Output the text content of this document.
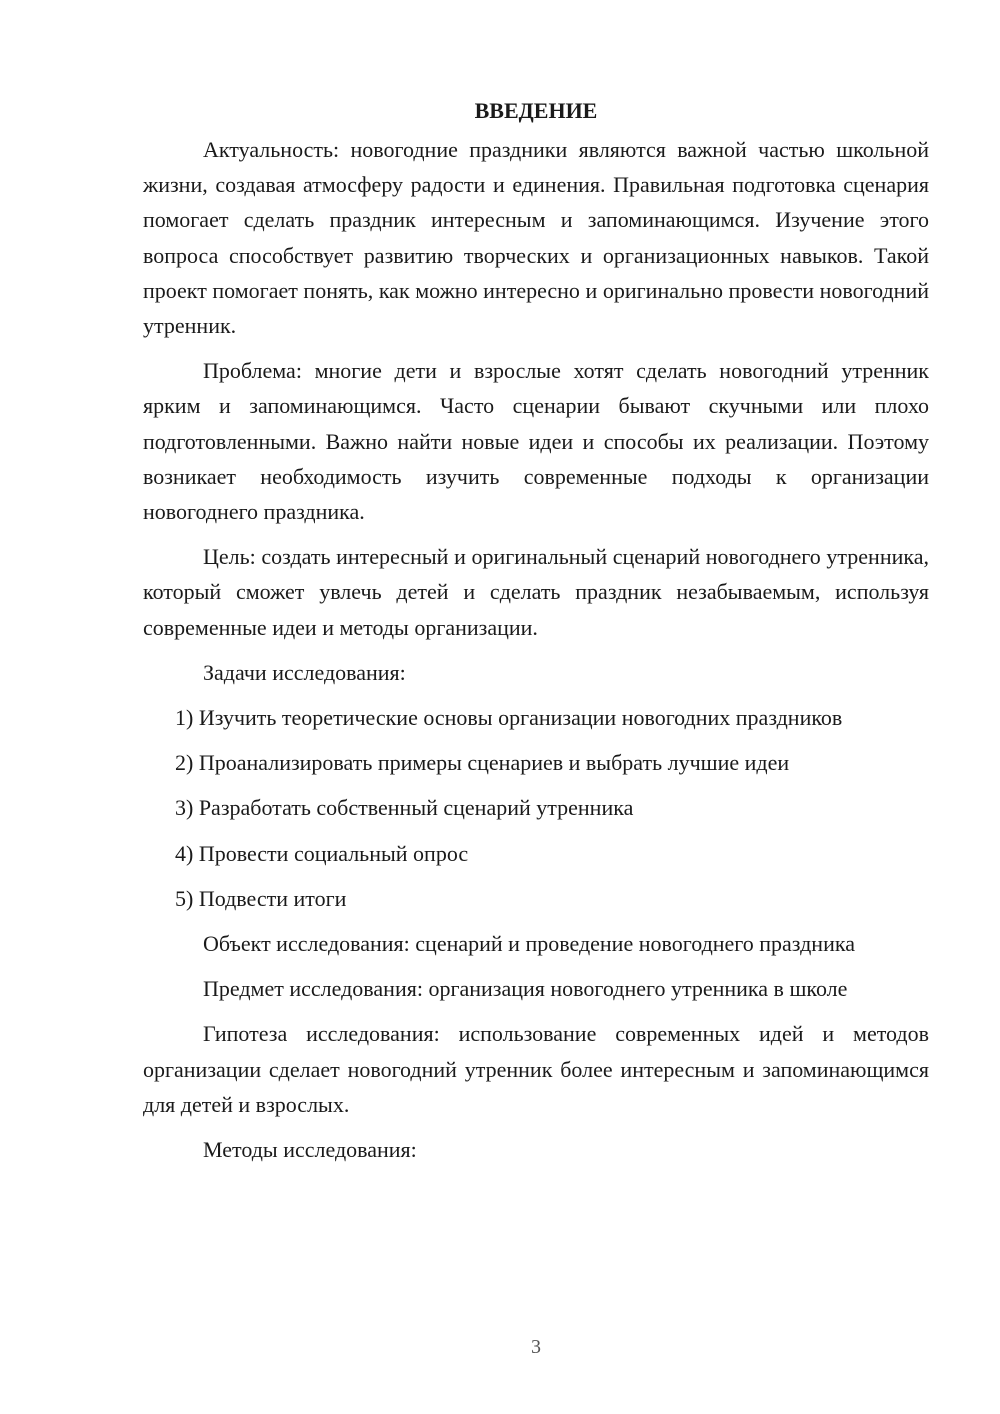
ВВЕДЕНИЕ

Актуальность: новогодние праздники являются важной частью школьной жизни, создавая атмосферу радости и единения. Правильная подготовка сценария помогает сделать праздник интересным и запоминающимся. Изучение этого вопроса способствует развитию творческих и организационных навыков. Такой проект помогает понять, как можно интересно и оригинально провести новогодний утренник.

Проблема: многие дети и взрослые хотят сделать новогодний утренник ярким и запоминающимся. Часто сценарии бывают скучными или плохо подготовленными. Важно найти новые идеи и способы их реализации. Поэтому возникает необходимость изучить современные подходы к организации новогоднего праздника.

Цель: создать интересный и оригинальный сценарий новогоднего утренника, который сможет увлечь детей и сделать праздник незабываемым, используя современные идеи и методы организации.

Задачи исследования:

1) Изучить теоретические основы организации новогодних праздников

2) Проанализировать примеры сценариев и выбрать лучшие идеи

3) Разработать собственный сценарий утренника

4) Провести социальный опрос

5) Подвести итоги

Объект исследования: сценарий и проведение новогоднего праздника

Предмет исследования: организация новогоднего утренника в школе

Гипотеза исследования: использование современных идей и методов организации сделает новогодний утренник более интересным и запоминающимся для детей и взрослых.

Методы исследования:

3
